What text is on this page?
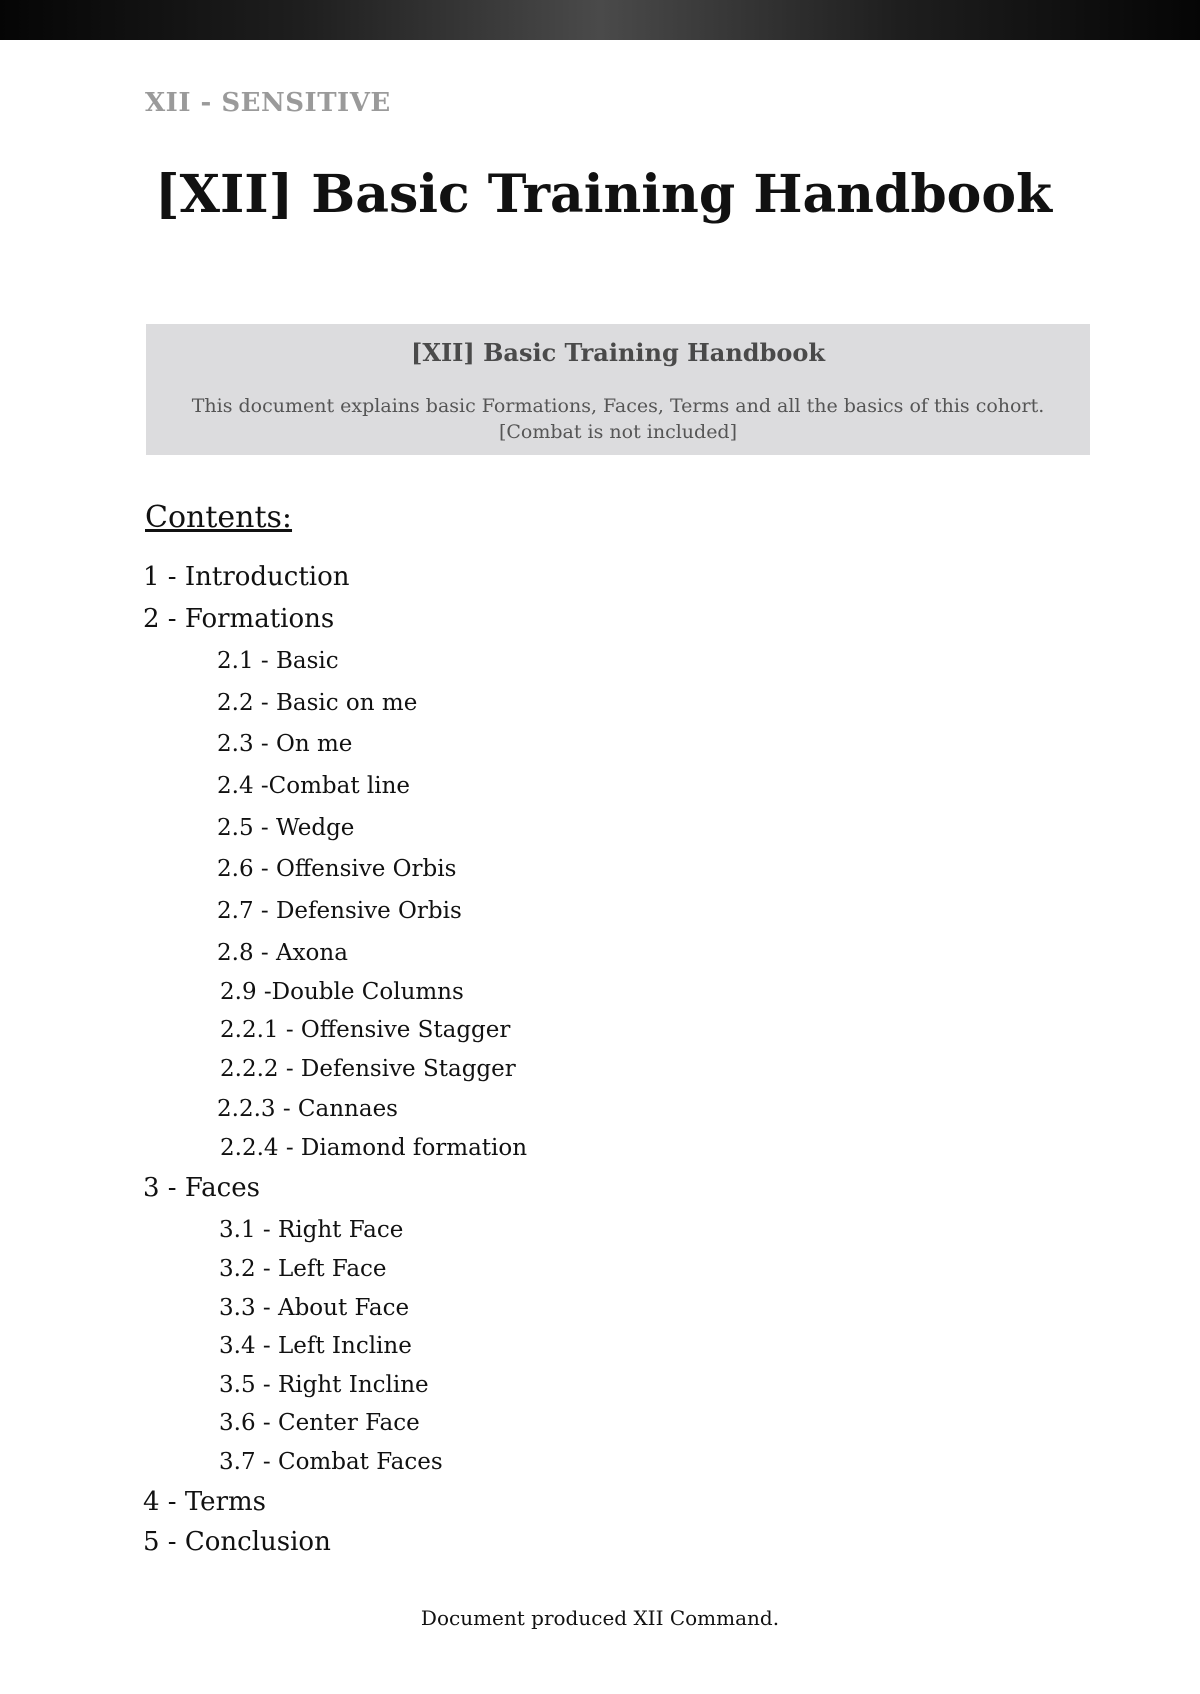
XII - SENSITIVE
[XII] Basic Training Handbook
[XII] Basic Training Handbook
This document explains basic Formations, Faces, Terms and all the basics of this cohort.
[Combat is not included]
Contents:
1 - Introduction
2 - Formations
2.1 - Basic
2.2 - Basic on me
2.3 - On me
2.4 -Combat line
2.5 - Wedge
2.6 - Offensive Orbis
2.7 - Defensive Orbis
2.8 - Axona
2.9 -Double Columns
2.2.1 - Offensive Stagger
2.2.2 - Defensive Stagger
2.2.3 - Cannaes
2.2.4 - Diamond formation
3 - Faces
3.1 - Right Face
3.2 - Left Face
3.3 - About Face
3.4 - Left Incline
3.5 - Right Incline
3.6 - Center Face
3.7 - Combat Faces
4 - Terms
5 - Conclusion
Document produced XII Command.
